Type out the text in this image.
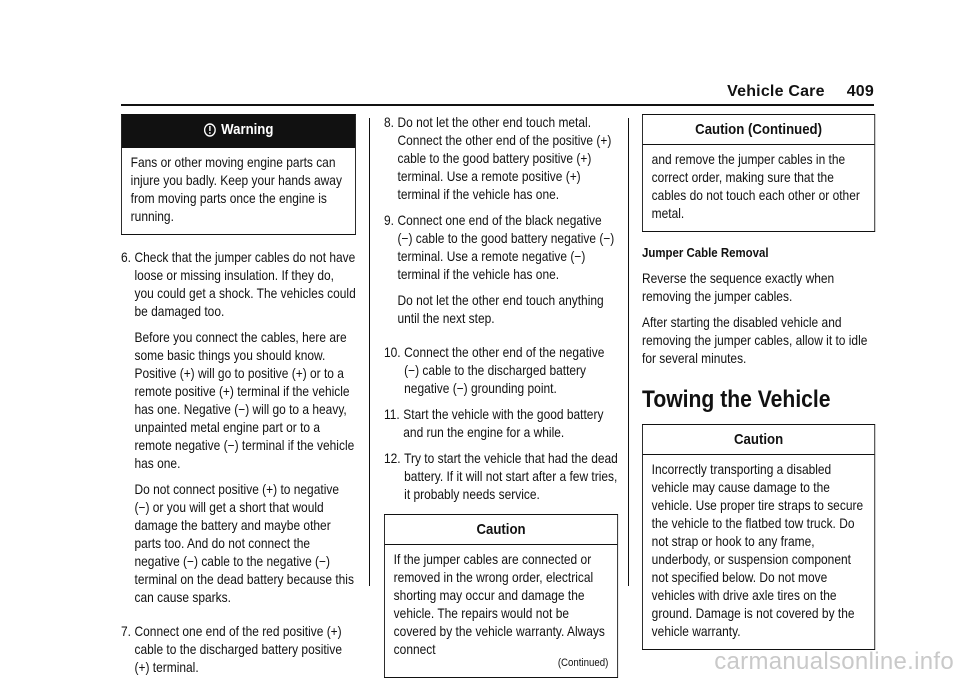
Vehicle Care 409
Warning
Fans or other moving engine parts can injure you badly. Keep your hands away from moving parts once the engine is running.
6. Check that the jumper cables do not have loose or missing insulation. If they do, you could get a shock. The vehicles could be damaged too.

Before you connect the cables, here are some basic things you should know. Positive (+) will go to positive (+) or to a remote positive (+) terminal if the vehicle has one. Negative (−) will go to a heavy, unpainted metal engine part or to a remote negative (−) terminal if the vehicle has one.

Do not connect positive (+) to negative (−) or you will get a short that would damage the battery and maybe other parts too. And do not connect the negative (−) cable to the negative (−) terminal on the dead battery because this can cause sparks.

7. Connect one end of the red positive (+) cable to the discharged battery positive (+) terminal.
8. Do not let the other end touch metal. Connect the other end of the positive (+) cable to the good battery positive (+) terminal. Use a remote positive (+) terminal if the vehicle has one.
9. Connect one end of the black negative (−) cable to the good battery negative (−) terminal. Use a remote negative (−) terminal if the vehicle has one.

Do not let the other end touch anything until the next step.

10. Connect the other end of the negative (−) cable to the discharged battery negative (−) grounding point.
11. Start the vehicle with the good battery and run the engine for a while.
12. Try to start the vehicle that had the dead battery. If it will not start after a few tries, it probably needs service.
Caution
If the jumper cables are connected or removed in the wrong order, electrical shorting may occur and damage the vehicle. The repairs would not be covered by the vehicle warranty. Always connect
(Continued)
Caution (Continued)
and remove the jumper cables in the correct order, making sure that the cables do not touch each other or other metal.
Jumper Cable Removal

Reverse the sequence exactly when removing the jumper cables.

After starting the disabled vehicle and removing the jumper cables, allow it to idle for several minutes.

Towing the Vehicle
Caution
Incorrectly transporting a disabled vehicle may cause damage to the vehicle. Use proper tire straps to secure the vehicle to the flatbed tow truck. Do not strap or hook to any frame, underbody, or suspension component not specified below. Do not move vehicles with drive axle tires on the ground. Damage is not covered by the vehicle warranty.
carmanualsonline.info
